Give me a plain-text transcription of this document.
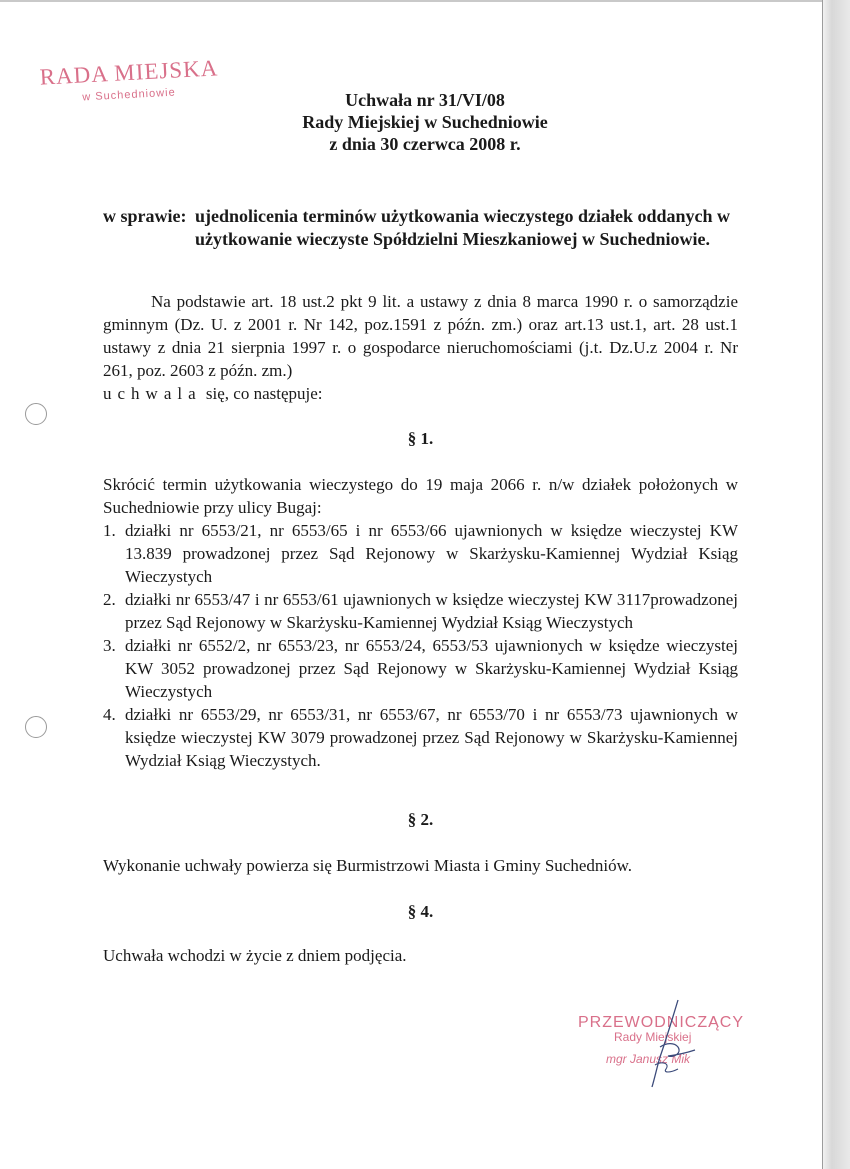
RADA MIEJSKA
w Suchedniowie	Uchwała nr 31/VI/08
Rady Miejskiej w Suchedniowie
z dnia 30 czerwca 2008 r.
w sprawie: ujednolicenia terminów użytkowania wieczystego działek oddanych w użytkowanie wieczyste Spółdzielni Mieszkaniowej w Suchedniowie.
Na podstawie art. 18 ust.2 pkt 9 lit. a ustawy z dnia 8 marca 1990 r. o samorządzie gminnym (Dz. U. z 2001 r. Nr 142, poz.1591 z późn. zm.) oraz art.13 ust.1, art. 28 ust.1 ustawy z dnia 21 sierpnia 1997 r. o gospodarce nieruchomościami (j.t. Dz.U.z 2004 r. Nr 261, poz. 2603 z późn. zm.)
uchwala się, co następuje:
§ 1.
Skrócić termin użytkowania wieczystego do 19 maja 2066 r. n/w działek położonych w Suchedniowie przy ulicy Bugaj:
1. działki nr 6553/21, nr 6553/65 i nr 6553/66 ujawnionych w księdze wieczystej KW 13.839 prowadzonej przez Sąd Rejonowy w Skarżysku-Kamiennej Wydział Ksiąg Wieczystych
2. działki nr 6553/47 i nr 6553/61 ujawnionych w księdze wieczystej KW 3117prowadzonej przez Sąd Rejonowy w Skarżysku-Kamiennej Wydział Ksiąg Wieczystych
3. działki nr 6552/2, nr 6553/23, nr 6553/24, 6553/53 ujawnionych w księdze wieczystej KW 3052 prowadzonej przez Sąd Rejonowy w Skarżysku-Kamiennej Wydział Ksiąg Wieczystych
4. działki nr 6553/29, nr 6553/31, nr 6553/67, nr 6553/70 i nr 6553/73 ujawnionych w księdze wieczystej KW 3079 prowadzonej przez Sąd Rejonowy w Skarżysku-Kamiennej Wydział Ksiąg Wieczystych.
§ 2.
Wykonanie uchwały powierza się Burmistrzowi Miasta i Gminy Suchedniów.
§ 4.
Uchwała wchodzi w życie z dniem podjęcia.
PRZEWODNICZĄCY
Rady Miejskiej
mgr Janusz Mik
